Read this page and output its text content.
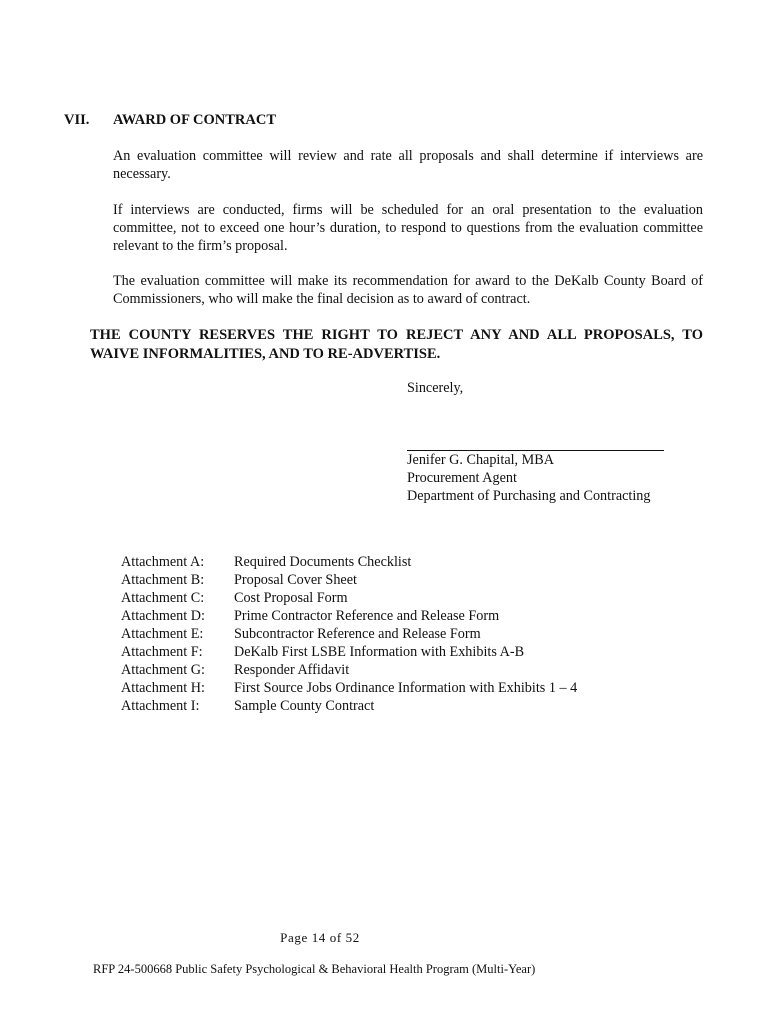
VII. AWARD OF CONTRACT

An evaluation committee will review and rate all proposals and shall determine if interviews are necessary.

If interviews are conducted, firms will be scheduled for an oral presentation to the evaluation committee, not to exceed one hour’s duration, to respond to questions from the evaluation committee relevant to the firm’s proposal.

The evaluation committee will make its recommendation for award to the DeKalb County Board of Commissioners, who will make the final decision as to award of contract.

THE COUNTY RESERVES THE RIGHT TO REJECT ANY AND ALL PROPOSALS, TO WAIVE INFORMALITIES, AND TO RE-ADVERTISE.

Sincerely,
Jenifer G. Chapital, MBA
Procurement Agent
Department of Purchasing and Contracting
Attachment A:	Required Documents Checklist
Attachment B:	Proposal Cover Sheet
Attachment C:	Cost Proposal Form
Attachment D:	Prime Contractor Reference and Release Form
Attachment E:	Subcontractor Reference and Release Form
Attachment F:	DeKalb First LSBE Information with Exhibits A-B
Attachment G:	Responder Affidavit
Attachment H:	First Source Jobs Ordinance Information with Exhibits 1 – 4
Attachment I:	Sample County Contract
Page 14 of 52
RFP 24-500668 Public Safety Psychological & Behavioral Health Program (Multi-Year)
